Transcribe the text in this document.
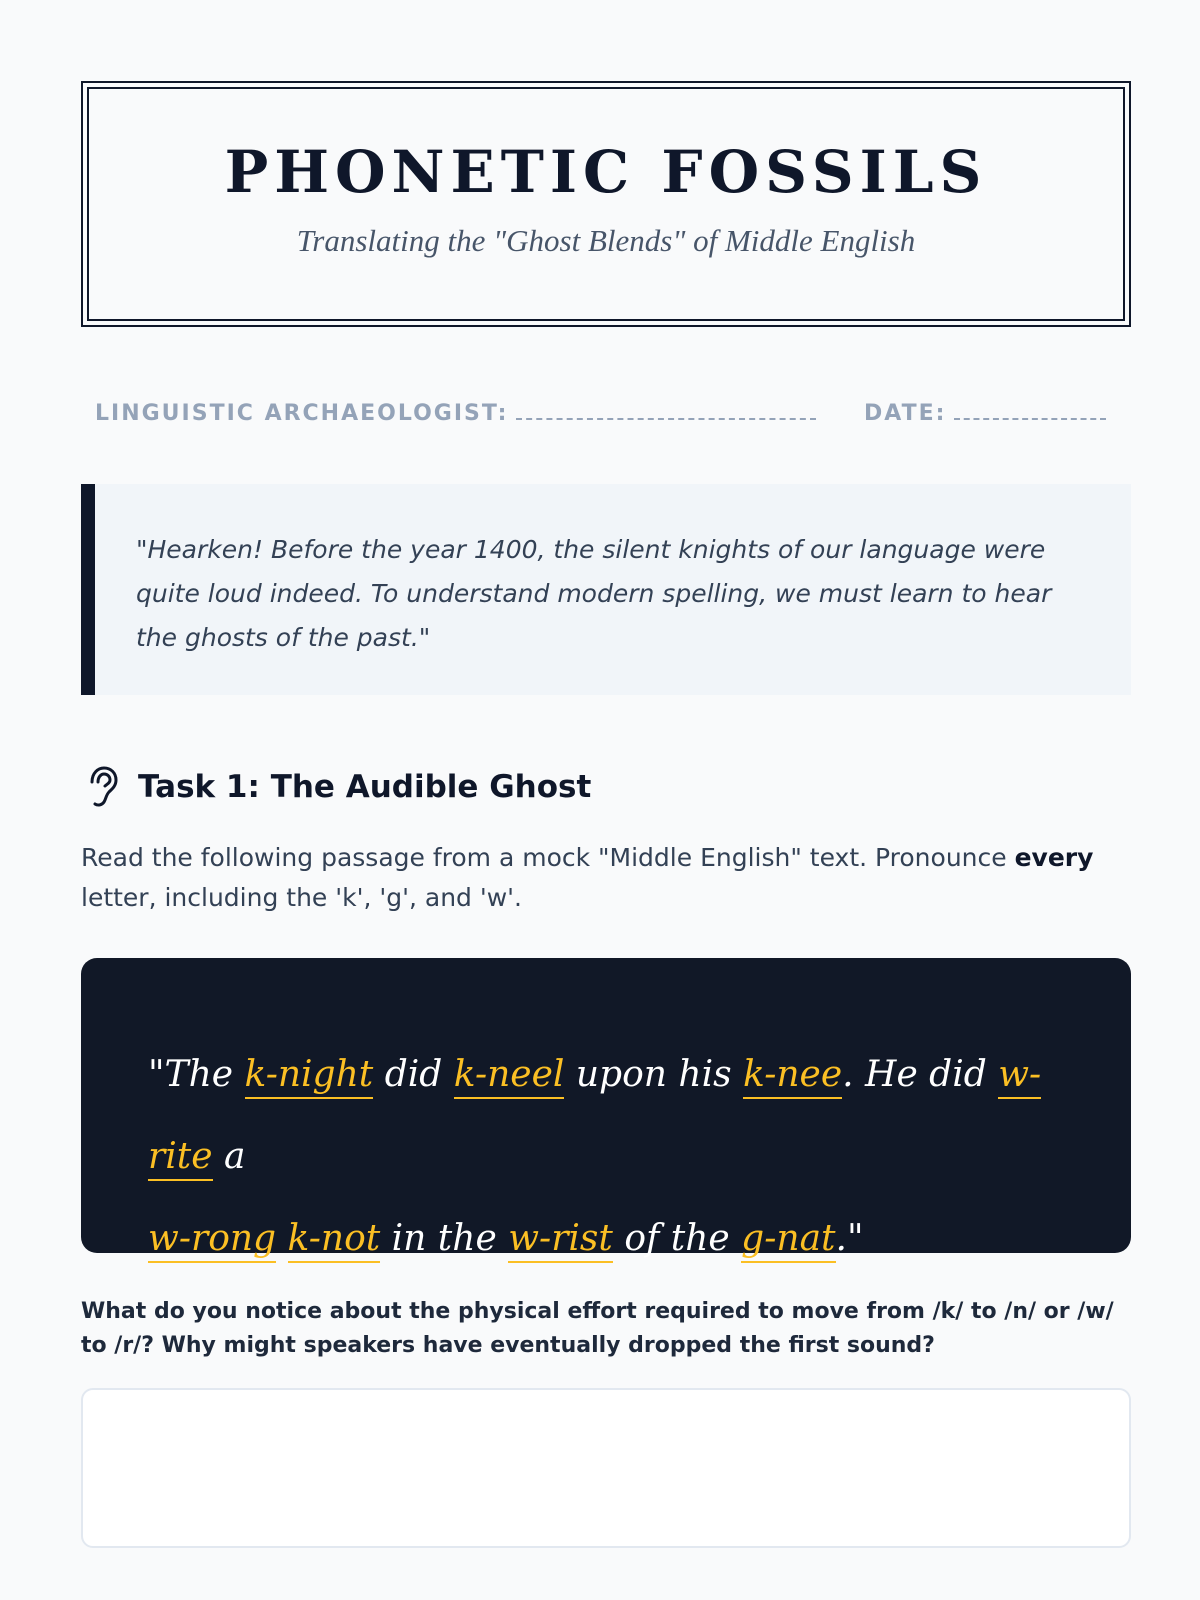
PHONETIC FOSSILS
Translating the "Ghost Blends" of Middle English
LINGUISTIC ARCHAEOLOGIST:	DATE:

"Hearken! Before the year 1400, the silent knights of our language were quite loud indeed. To understand modern spelling, we must learn to hear the ghosts of the past."

Task 1: The Audible Ghost

Read the following passage from a mock "Middle English" text. Pronounce every letter, including the 'k', 'g', and 'w'.

"The k-night did k-neel upon his k-nee. He did w-rite a
w-rong k-not in the w-rist of the g-nat."

What do you notice about the physical effort required to move from /k/ to /n/ or /w/ to /r/? Why might speakers have eventually dropped the first sound?
